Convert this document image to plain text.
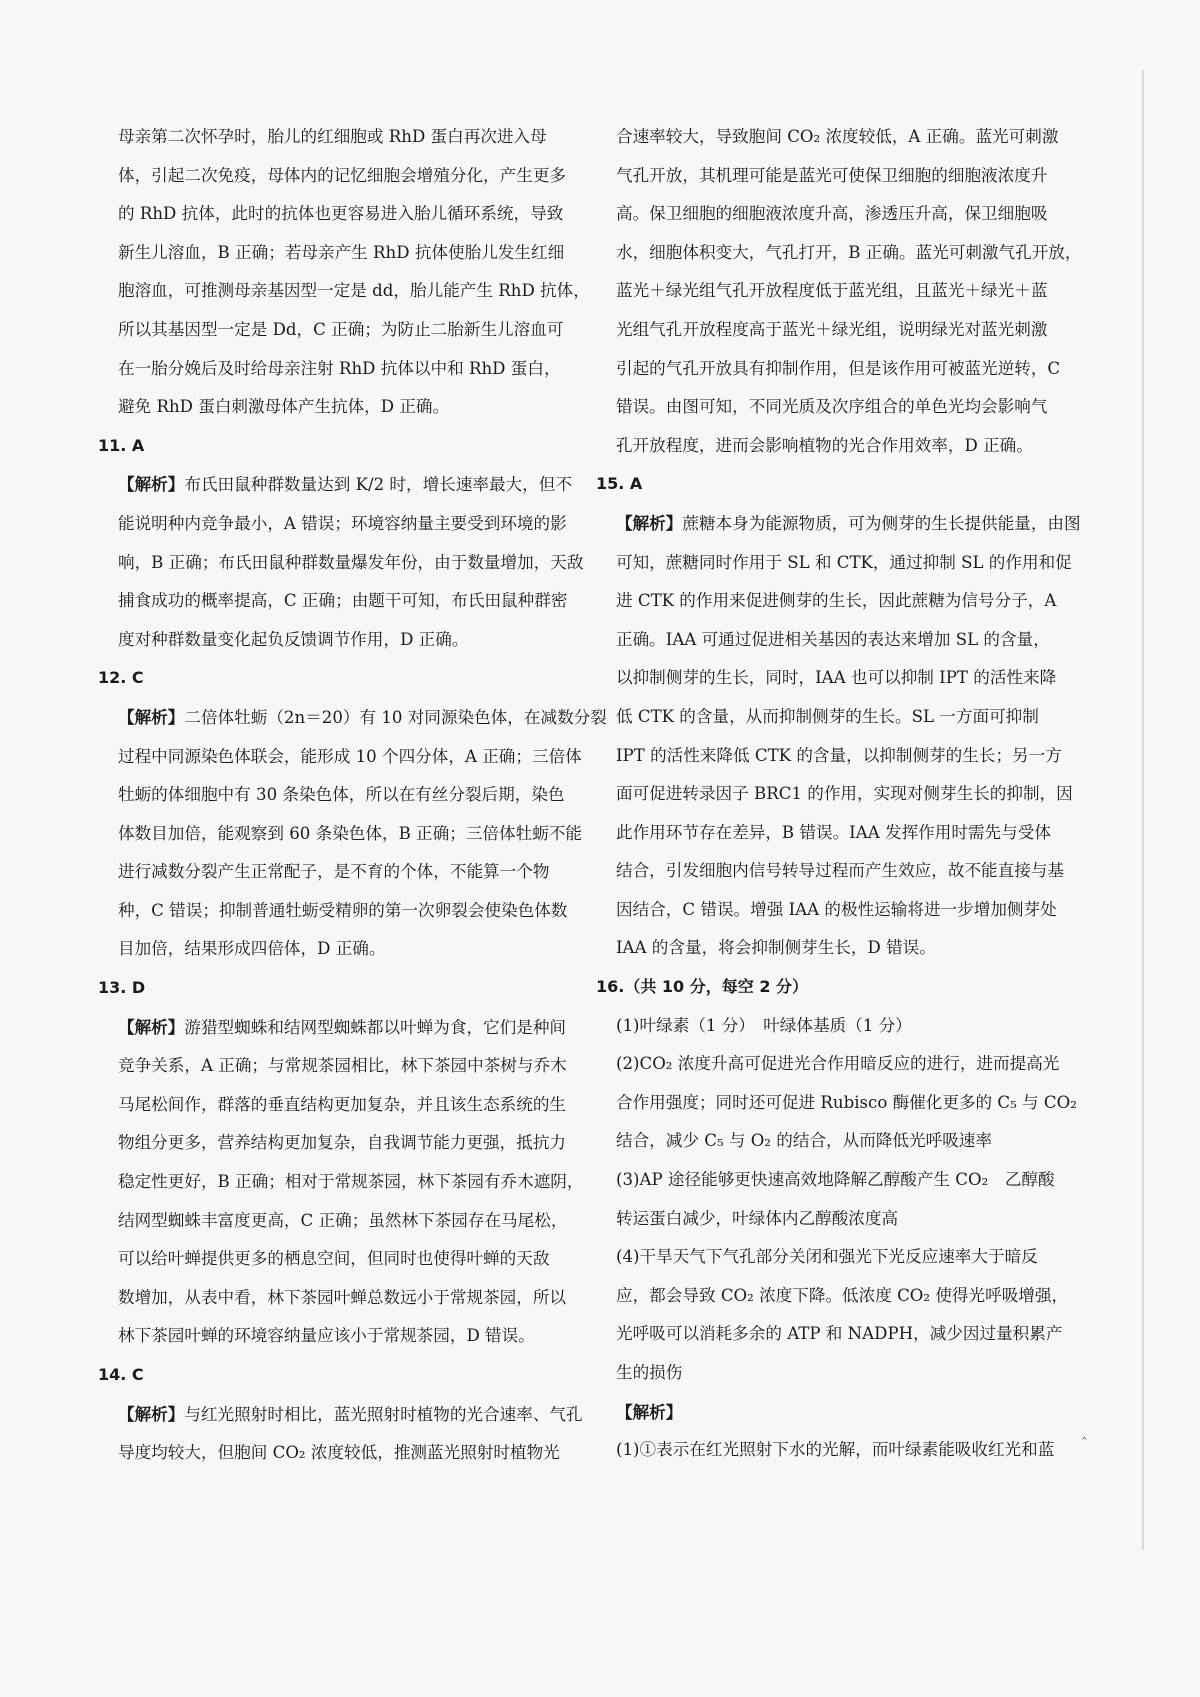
母亲第二次怀孕时，胎儿的红细胞或 RhD 蛋白再次进入母
体，引起二次免疫，母体内的记忆细胞会增殖分化，产生更多
的 RhD 抗体，此时的抗体也更容易进入胎儿循环系统，导致
新生儿溶血，B 正确；若母亲产生 RhD 抗体使胎儿发生红细
胞溶血，可推测母亲基因型一定是 dd，胎儿能产生 RhD 抗体，
所以其基因型一定是 Dd，C 正确；为防止二胎新生儿溶血可
在一胎分娩后及时给母亲注射 RhD 抗体以中和 RhD 蛋白，
避免 RhD 蛋白刺激母体产生抗体，D 正确。

11. A

【解析】布氏田鼠种群数量达到 K/2 时，增长速率最大，但不
能说明种内竞争最小，A 错误；环境容纳量主要受到环境的影
响，B 正确；布氏田鼠种群数量爆发年份，由于数量增加，天敌
捕食成功的概率提高，C 正确；由题干可知，布氏田鼠种群密
度对种群数量变化起负反馈调节作用，D 正确。

12. C

【解析】二倍体牡蛎（2n＝20）有 10 对同源染色体，在减数分裂
过程中同源染色体联会，能形成 10 个四分体，A 正确；三倍体
牡蛎的体细胞中有 30 条染色体，所以在有丝分裂后期，染色
体数目加倍，能观察到 60 条染色体，B 正确；三倍体牡蛎不能
进行减数分裂产生正常配子，是不育的个体，不能算一个物
种，C 错误；抑制普通牡蛎受精卵的第一次卵裂会使染色体数
目加倍，结果形成四倍体，D 正确。

13. D

【解析】游猎型蜘蛛和结网型蜘蛛都以叶蝉为食，它们是种间
竞争关系，A 正确；与常规茶园相比，林下茶园中茶树与乔木
马尾松间作，群落的垂直结构更加复杂，并且该生态系统的生
物组分更多，营养结构更加复杂，自我调节能力更强，抵抗力
稳定性更好，B 正确；相对于常规茶园，林下茶园有乔木遮阴，
结网型蜘蛛丰富度更高，C 正确；虽然林下茶园存在马尾松，
可以给叶蝉提供更多的栖息空间，但同时也使得叶蝉的天敌
数增加，从表中看，林下茶园叶蝉总数远小于常规茶园，所以
林下茶园叶蝉的环境容纳量应该小于常规茶园，D 错误。

14. C

【解析】与红光照射时相比，蓝光照射时植物的光合速率、气孔
导度均较大，但胞间 CO₂ 浓度较低，推测蓝光照射时植物光
合速率较大，导致胞间 CO₂ 浓度较低，A 正确。蓝光可刺激
气孔开放，其机理可能是蓝光可使保卫细胞的细胞液浓度升
高。保卫细胞的细胞液浓度升高，渗透压升高，保卫细胞吸
水，细胞体积变大，气孔打开，B 正确。蓝光可刺激气孔开放，
蓝光＋绿光组气孔开放程度低于蓝光组，且蓝光＋绿光＋蓝
光组气孔开放程度高于蓝光＋绿光组，说明绿光对蓝光刺激
引起的气孔开放具有抑制作用，但是该作用可被蓝光逆转，C
错误。由图可知，不同光质及次序组合的单色光均会影响气
孔开放程度，进而会影响植物的光合作用效率，D 正确。

15. A

【解析】蔗糖本身为能源物质，可为侧芽的生长提供能量，由图
可知，蔗糖同时作用于 SL 和 CTK，通过抑制 SL 的作用和促
进 CTK 的作用来促进侧芽的生长，因此蔗糖为信号分子，A
正确。IAA 可通过促进相关基因的表达来增加 SL 的含量，
以抑制侧芽的生长，同时，IAA 也可以抑制 IPT 的活性来降
低 CTK 的含量，从而抑制侧芽的生长。SL 一方面可抑制
IPT 的活性来降低 CTK 的含量，以抑制侧芽的生长；另一方
面可促进转录因子 BRC1 的作用，实现对侧芽生长的抑制，因
此作用环节存在差异，B 错误。IAA 发挥作用时需先与受体
结合，引发细胞内信号转导过程而产生效应，故不能直接与基
因结合，C 错误。增强 IAA 的极性运输将进一步增加侧芽处
IAA 的含量，将会抑制侧芽生长，D 错误。

16.（共 10 分，每空 2 分）

(1)叶绿素（1 分）　叶绿体基质（1 分）
(2)CO₂ 浓度升高可促进光合作用暗反应的进行，进而提高光
合作用强度；同时还可促进 Rubisco 酶催化更多的 C₅ 与 CO₂
结合，减少 C₅ 与 O₂ 的结合，从而降低光呼吸速率
(3)AP 途径能够更快速高效地降解乙醇酸产生 CO₂　乙醇酸
转运蛋白减少，叶绿体内乙醇酸浓度高
(4)干旱天气下气孔部分关闭和强光下光反应速率大于暗反
应，都会导致 CO₂ 浓度下降。低浓度 CO₂ 使得光呼吸增强，
光呼吸可以消耗多余的 ATP 和 NADPH，减少因过量积累产
生的损伤
【解析】
(1)①表示在红光照射下水的光解，而叶绿素能吸收红光和蓝
‸
